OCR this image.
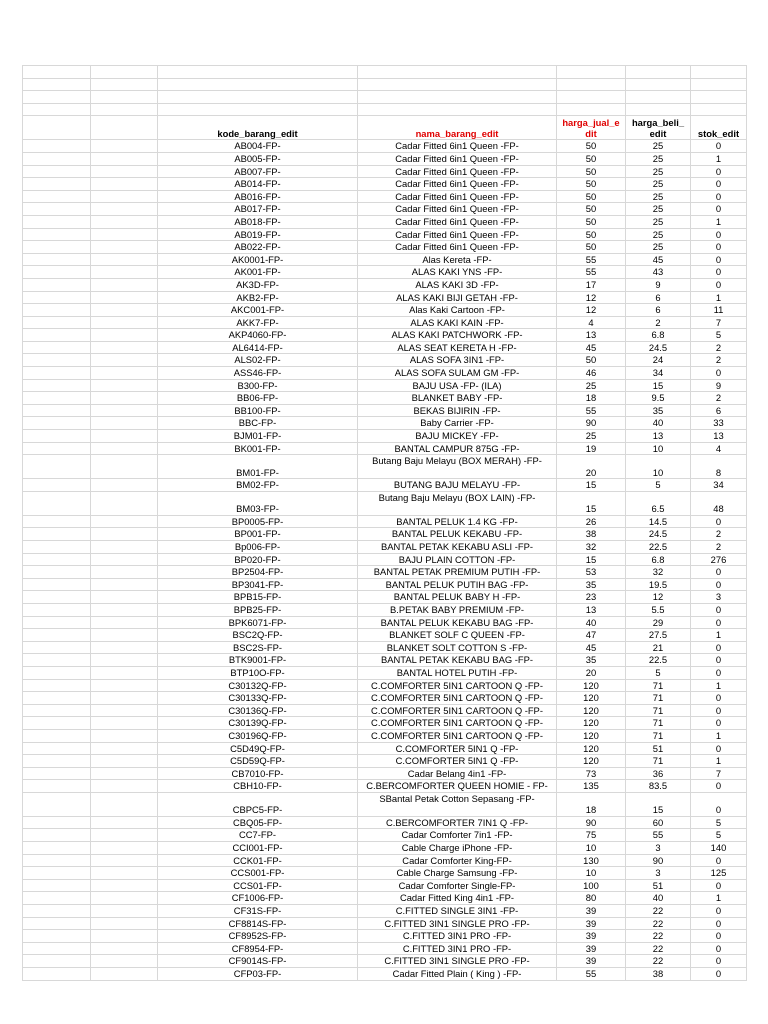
		kode_barang_edit	nama_barang_edit	harga_jual_e dit	harga_beli_ edit	stok_edit
		AB004-FP-	Cadar Fitted 6in1 Queen -FP-	50	25	0
		AB005-FP-	Cadar Fitted 6in1 Queen -FP-	50	25	1
		AB007-FP-	Cadar Fitted 6in1 Queen -FP-	50	25	0
		AB014-FP-	Cadar Fitted 6in1 Queen -FP-	50	25	0
		AB016-FP-	Cadar Fitted 6in1 Queen -FP-	50	25	0
		AB017-FP-	Cadar Fitted 6in1 Queen -FP-	50	25	0
		AB018-FP-	Cadar Fitted 6in1 Queen -FP-	50	25	1
		AB019-FP-	Cadar Fitted 6in1 Queen -FP-	50	25	0
		AB022-FP-	Cadar Fitted 6in1 Queen -FP-	50	25	0
		AK0001-FP-	Alas Kereta -FP-	55	45	0
		AK001-FP-	ALAS KAKI YNS -FP-	55	43	0
		AK3D-FP-	ALAS KAKI 3D -FP-	17	9	0
		AKB2-FP-	ALAS KAKI BIJI GETAH -FP-	12	6	1
		AKC001-FP-	Alas Kaki Cartoon -FP-	12	6	11
		AKK7-FP-	ALAS KAKI KAIN -FP-	4	2	7
		AKP4060-FP-	ALAS KAKI PATCHWORK -FP-	13	6.8	5
		AL6414-FP-	ALAS SEAT KERETA H -FP-	45	24.5	2
		ALS02-FP-	ALAS SOFA 3IN1 -FP-	50	24	2
		ASS46-FP-	ALAS SOFA SULAM GM -FP-	46	34	0
		B300-FP-	BAJU USA -FP- (ILA)	25	15	9
		BB06-FP-	BLANKET BABY -FP-	18	9.5	2
		BB100-FP-	BEKAS BIJIRIN -FP-	55	35	6
		BBC-FP-	Baby Carrier -FP-	90	40	33
		BJM01-FP-	BAJU MICKEY -FP-	25	13	13
		BK001-FP-	BANTAL CAMPUR 875G -FP-	19	10	4
		BM01-FP-	Butang Baju Melayu (BOX MERAH) -FP-	20	10	8
		BM02-FP-	BUTANG BAJU MELAYU -FP-	15	5	34
		BM03-FP-	Butang Baju Melayu (BOX LAIN) -FP-	15	6.5	48
		BP0005-FP-	BANTAL PELUK 1.4 KG -FP-	26	14.5	0
		BP001-FP-	BANTAL PELUK KEKABU -FP-	38	24.5	2
		Bp006-FP-	BANTAL PETAK KEKABU ASLI -FP-	32	22.5	2
		BP020-FP-	BAJU PLAIN COTTON -FP-	15	6.8	276
		BP2504-FP-	BANTAL PETAK PREMIUM PUTIH -FP-	53	32	0
		BP3041-FP-	BANTAL PELUK PUTIH BAG -FP-	35	19.5	0
		BPB15-FP-	BANTAL PELUK BABY H -FP-	23	12	3
		BPB25-FP-	B.PETAK BABY PREMIUM -FP-	13	5.5	0
		BPK6071-FP-	BANTAL PELUK KEKABU BAG -FP-	40	29	0
		BSC2Q-FP-	BLANKET SOLF C QUEEN -FP-	47	27.5	1
		BSC2S-FP-	BLANKET SOLT COTTON S -FP-	45	21	0
		BTK9001-FP-	BANTAL PETAK KEKABU BAG -FP-	35	22.5	0
		BTP10O-FP-	BANTAL HOTEL PUTIH -FP-	20	5	0
		C30132Q-FP-	C.COMFORTER 5IN1 CARTOON Q -FP-	120	71	1
		C30133Q-FP-	C.COMFORTER 5IN1 CARTOON Q -FP-	120	71	0
		C30136Q-FP-	C.COMFORTER 5IN1 CARTOON Q -FP-	120	71	0
		C30139Q-FP-	C.COMFORTER 5IN1 CARTOON Q -FP-	120	71	0
		C30196Q-FP-	C.COMFORTER 5IN1 CARTOON Q -FP-	120	71	1
		C5D49Q-FP-	C.COMFORTER 5IN1 Q -FP-	120	51	0
		C5D59Q-FP-	C.COMFORTER 5IN1 Q -FP-	120	71	1
		CB7010-FP-	Cadar Belang 4in1 -FP-	73	36	7
		CBH10-FP-	C.BERCOMFORTER QUEEN HOMIE - FP-	135	83.5	0
		CBPC5-FP-	SBantal Petak Cotton Sepasang -FP-	18	15	0
		CBQ05-FP-	C.BERCOMFORTER 7IN1 Q -FP-	90	60	5
		CC7-FP-	Cadar Comforter 7in1 -FP-	75	55	5
		CCI001-FP-	Cable Charge iPhone -FP-	10	3	140
		CCK01-FP-	Cadar Comforter King-FP-	130	90	0
		CCS001-FP-	Cable Charge Samsung -FP-	10	3	125
		CCS01-FP-	Cadar Comforter Single-FP-	100	51	0
		CF1006-FP-	Cadar Fitted King 4in1 -FP-	80	40	1
		CF31S-FP-	C.FITTED SINGLE 3IN1 -FP-	39	22	0
		CF8814S-FP-	C.FITTED 3IN1 SINGLE PRO -FP-	39	22	0
		CF8952S-FP-	C.FITTED 3IN1 PRO -FP-	39	22	0
		CF8954-FP-	C.FITTED 3IN1 PRO -FP-	39	22	0
		CF9014S-FP-	C.FITTED 3IN1 SINGLE PRO -FP-	39	22	0
		CFP03-FP-	Cadar Fitted Plain ( King ) -FP-	55	38	0
